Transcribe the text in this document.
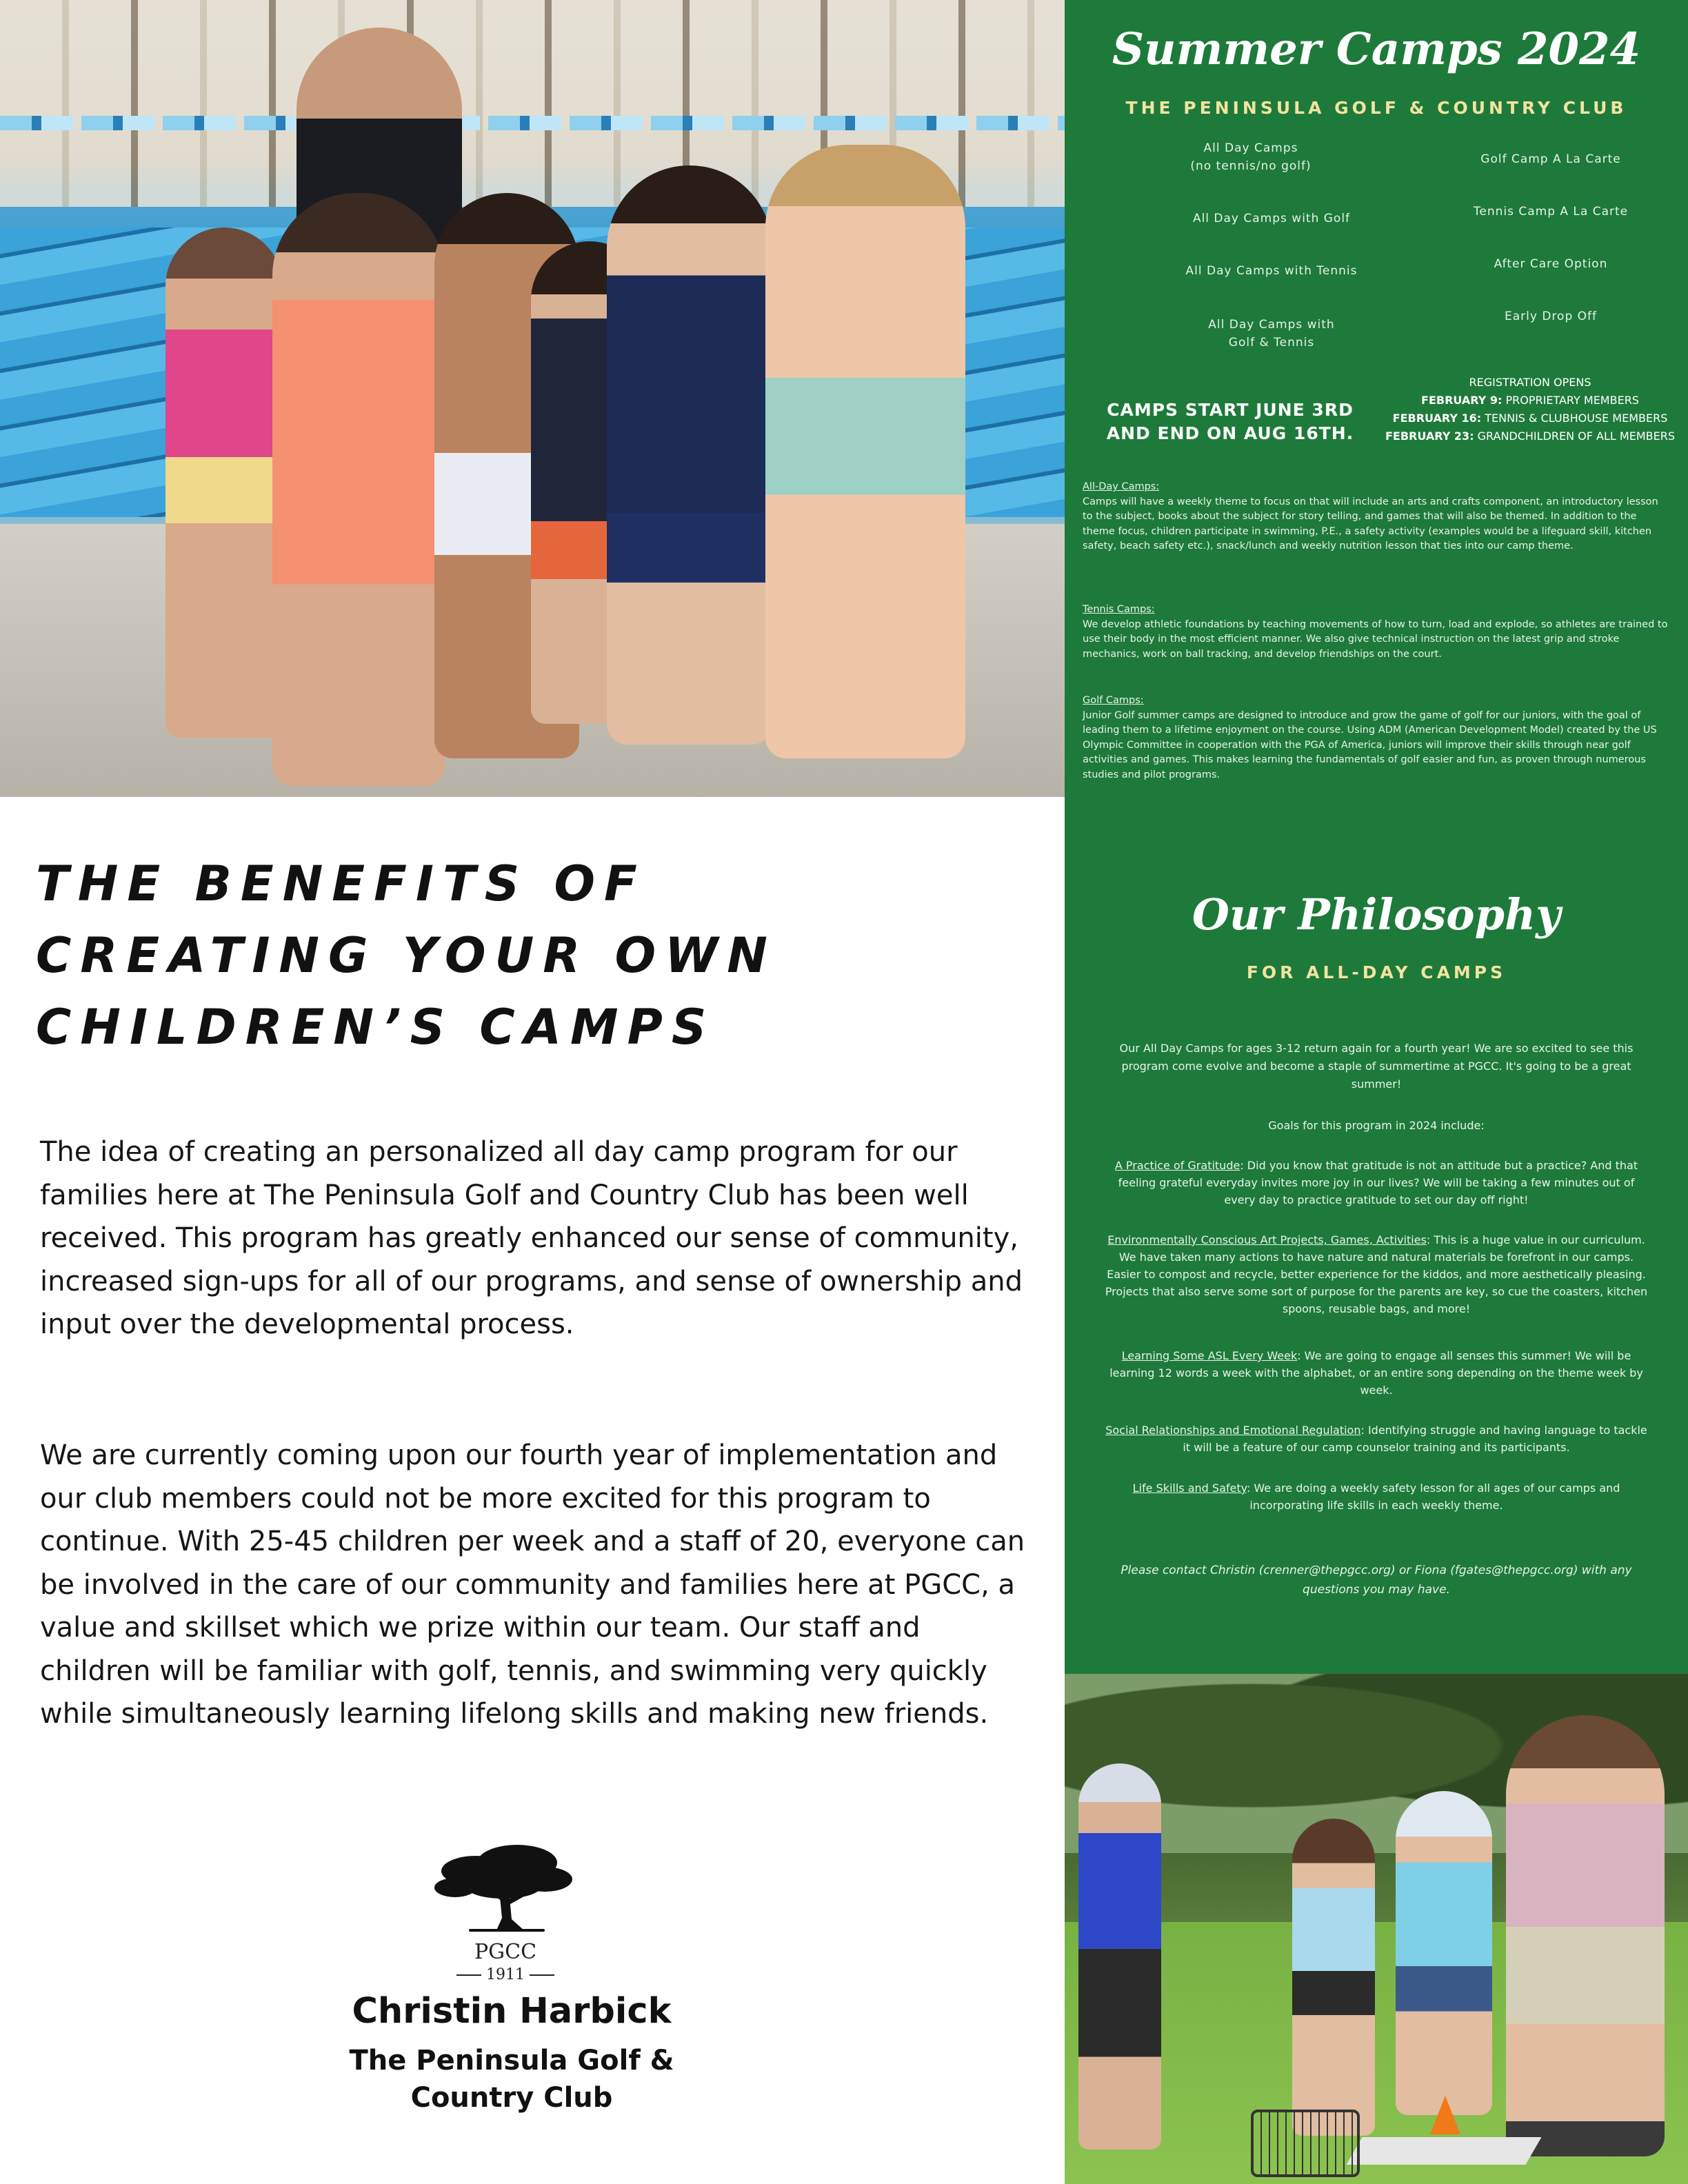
Summer Camps 2024
THE PENINSULA GOLF & COUNTRY CLUB
All Day Camps
(no tennis/no golf)
All Day Camps with Golf
All Day Camps with Tennis
All Day Camps with
Golf & Tennis
Golf Camp A La Carte
Tennis Camp A La Carte
After Care Option
Early Drop Off
CAMPS START JUNE 3RD
AND END ON AUG 16TH.
REGISTRATION OPENS
FEBRUARY 9: PROPRIETARY MEMBERS
FEBRUARY 16: TENNIS & CLUBHOUSE MEMBERS
FEBRUARY 23: GRANDCHILDREN OF ALL MEMBERS
All-Day Camps:
Camps will have a weekly theme to focus on that will include an arts and crafts component, an introductory lesson to the subject, books about the subject for story telling, and games that will also be themed. In addition to the theme focus, children participate in swimming, P.E., a safety activity (examples would be a lifeguard skill, kitchen safety, beach safety etc.), snack/lunch and weekly nutrition lesson that ties into our camp theme.
Tennis Camps:
We develop athletic foundations by teaching movements of how to turn, load and explode, so athletes are trained to use their body in the most efficient manner. We also give technical instruction on the latest grip and stroke mechanics, work on ball tracking, and develop friendships on the court.
Golf Camps:
Junior Golf summer camps are designed to introduce and grow the game of golf for our juniors, with the goal of leading them to a lifetime enjoyment on the course. Using ADM (American Development Model) created by the US Olympic Committee in cooperation with the PGA of America, juniors will improve their skills through near golf activities and games. This makes learning the fundamentals of golf easier and fun, as proven through numerous studies and pilot programs.
Our Philosophy
FOR ALL-DAY CAMPS
Our All Day Camps for ages 3-12 return again for a fourth year! We are so excited to see this program come evolve and become a staple of summertime at PGCC. It's going to be a great summer!
Goals for this program in 2024 include:
A Practice of Gratitude: Did you know that gratitude is not an attitude but a practice? And that feeling grateful everyday invites more joy in our lives? We will be taking a few minutes out of every day to practice gratitude to set our day off right!
Environmentally Conscious Art Projects, Games, Activities: This is a huge value in our curriculum. We have taken many actions to have nature and natural materials be forefront in our camps. Easier to compost and recycle, better experience for the kiddos, and more aesthetically pleasing. Projects that also serve some sort of purpose for the parents are key, so cue the coasters, kitchen spoons, reusable bags, and more!
Learning Some ASL Every Week: We are going to engage all senses this summer! We will be learning 12 words a week with the alphabet, or an entire song depending on the theme week by week.
Social Relationships and Emotional Regulation: Identifying struggle and having language to tackle it will be a feature of our camp counselor training and its participants.
Life Skills and Safety: We are doing a weekly safety lesson for all ages of our camps and incorporating life skills in each weekly theme.
Please contact Christin (crenner@thepgcc.org) or Fiona (fgates@thepgcc.org) with any questions you may have.
THE BENEFITS OF
CREATING YOUR OWN
CHILDREN’S CAMPS
The idea of creating an personalized all day camp program for our families here at The Peninsula Golf and Country Club has been well received. This program has greatly enhanced our sense of community, increased sign-ups for all of our programs, and sense of ownership and input over the developmental process.
We are currently coming upon our fourth year of implementation and our club members could not be more excited for this program to continue. With 25-45 children per week and a staff of 20, everyone can be involved in the care of our community and families here at PGCC, a value and skillset which we prize within our team. Our staff and children will be familiar with golf, tennis, and swimming very quickly while simultaneously learning lifelong skills and making new friends.
PGCC
1911
Christin Harbick
The Peninsula Golf &
Country Club
